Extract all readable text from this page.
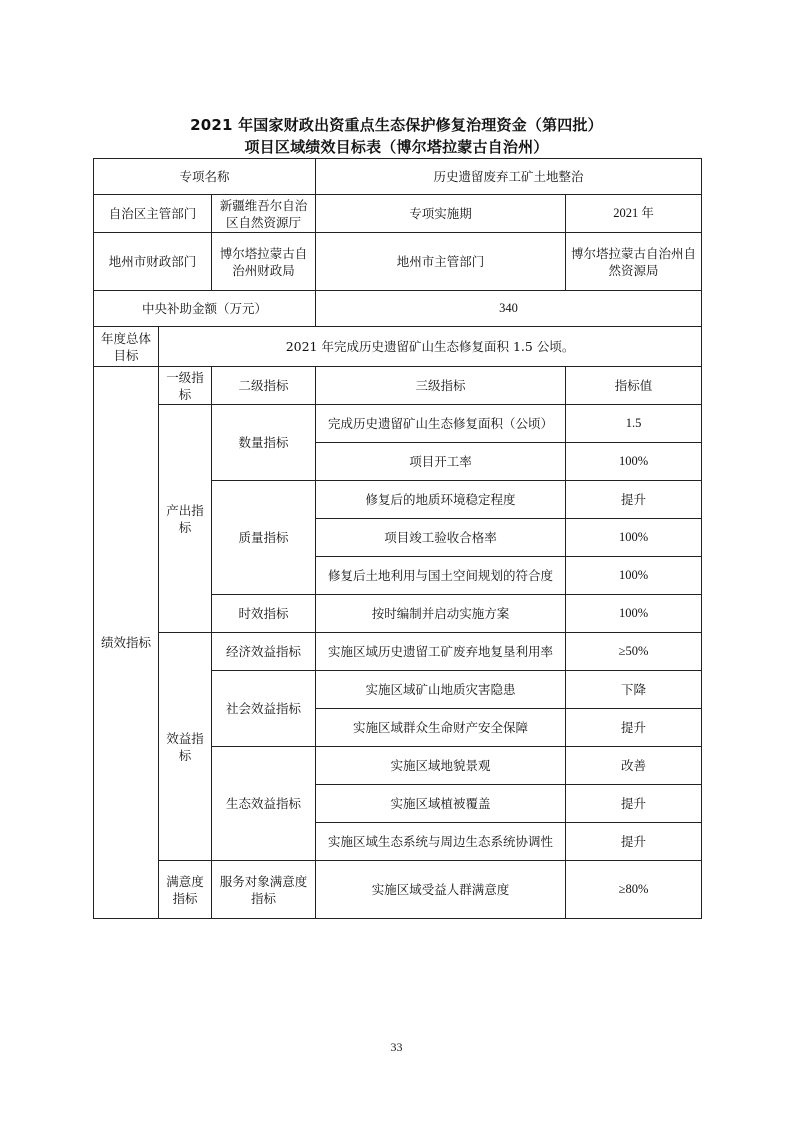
2021 年国家财政出资重点生态保护修复治理资金（第四批）
项目区域绩效目标表（博尔塔拉蒙古自治州）
专项名称			历史遗留废弃工矿土地整治	
自治区主管部门		新疆维吾尔自治区自然资源厅	专项实施期	2021 年
地州市财政部门		博尔塔拉蒙古自治州财政局	地州市主管部门	博尔塔拉蒙古自治州自然资源局
中央补助金额（万元）			340	
年度总体目标	2021 年完成历史遗留矿山生态修复面积 1.5 公顷。			
绩效指标	一级指标	二级指标	三级指标	指标值
	产出指标	数量指标	完成历史遗留矿山生态修复面积（公顷）	1.5
			项目开工率	100%
		质量指标	修复后的地质环境稳定程度	提升
			项目竣工验收合格率	100%
			修复后土地利用与国土空间规划的符合度	100%
		时效指标	按时编制并启动实施方案	100%
	效益指标	经济效益指标	实施区域历史遗留工矿废弃地复垦利用率	≥50%
		社会效益指标	实施区域矿山地质灾害隐患	下降
			实施区域群众生命财产安全保障	提升
		生态效益指标	实施区域地貌景观	改善
			实施区域植被覆盖	提升
			实施区域生态系统与周边生态系统协调性	提升
	满意度指标	服务对象满意度指标	实施区域受益人群满意度	≥80%
33
